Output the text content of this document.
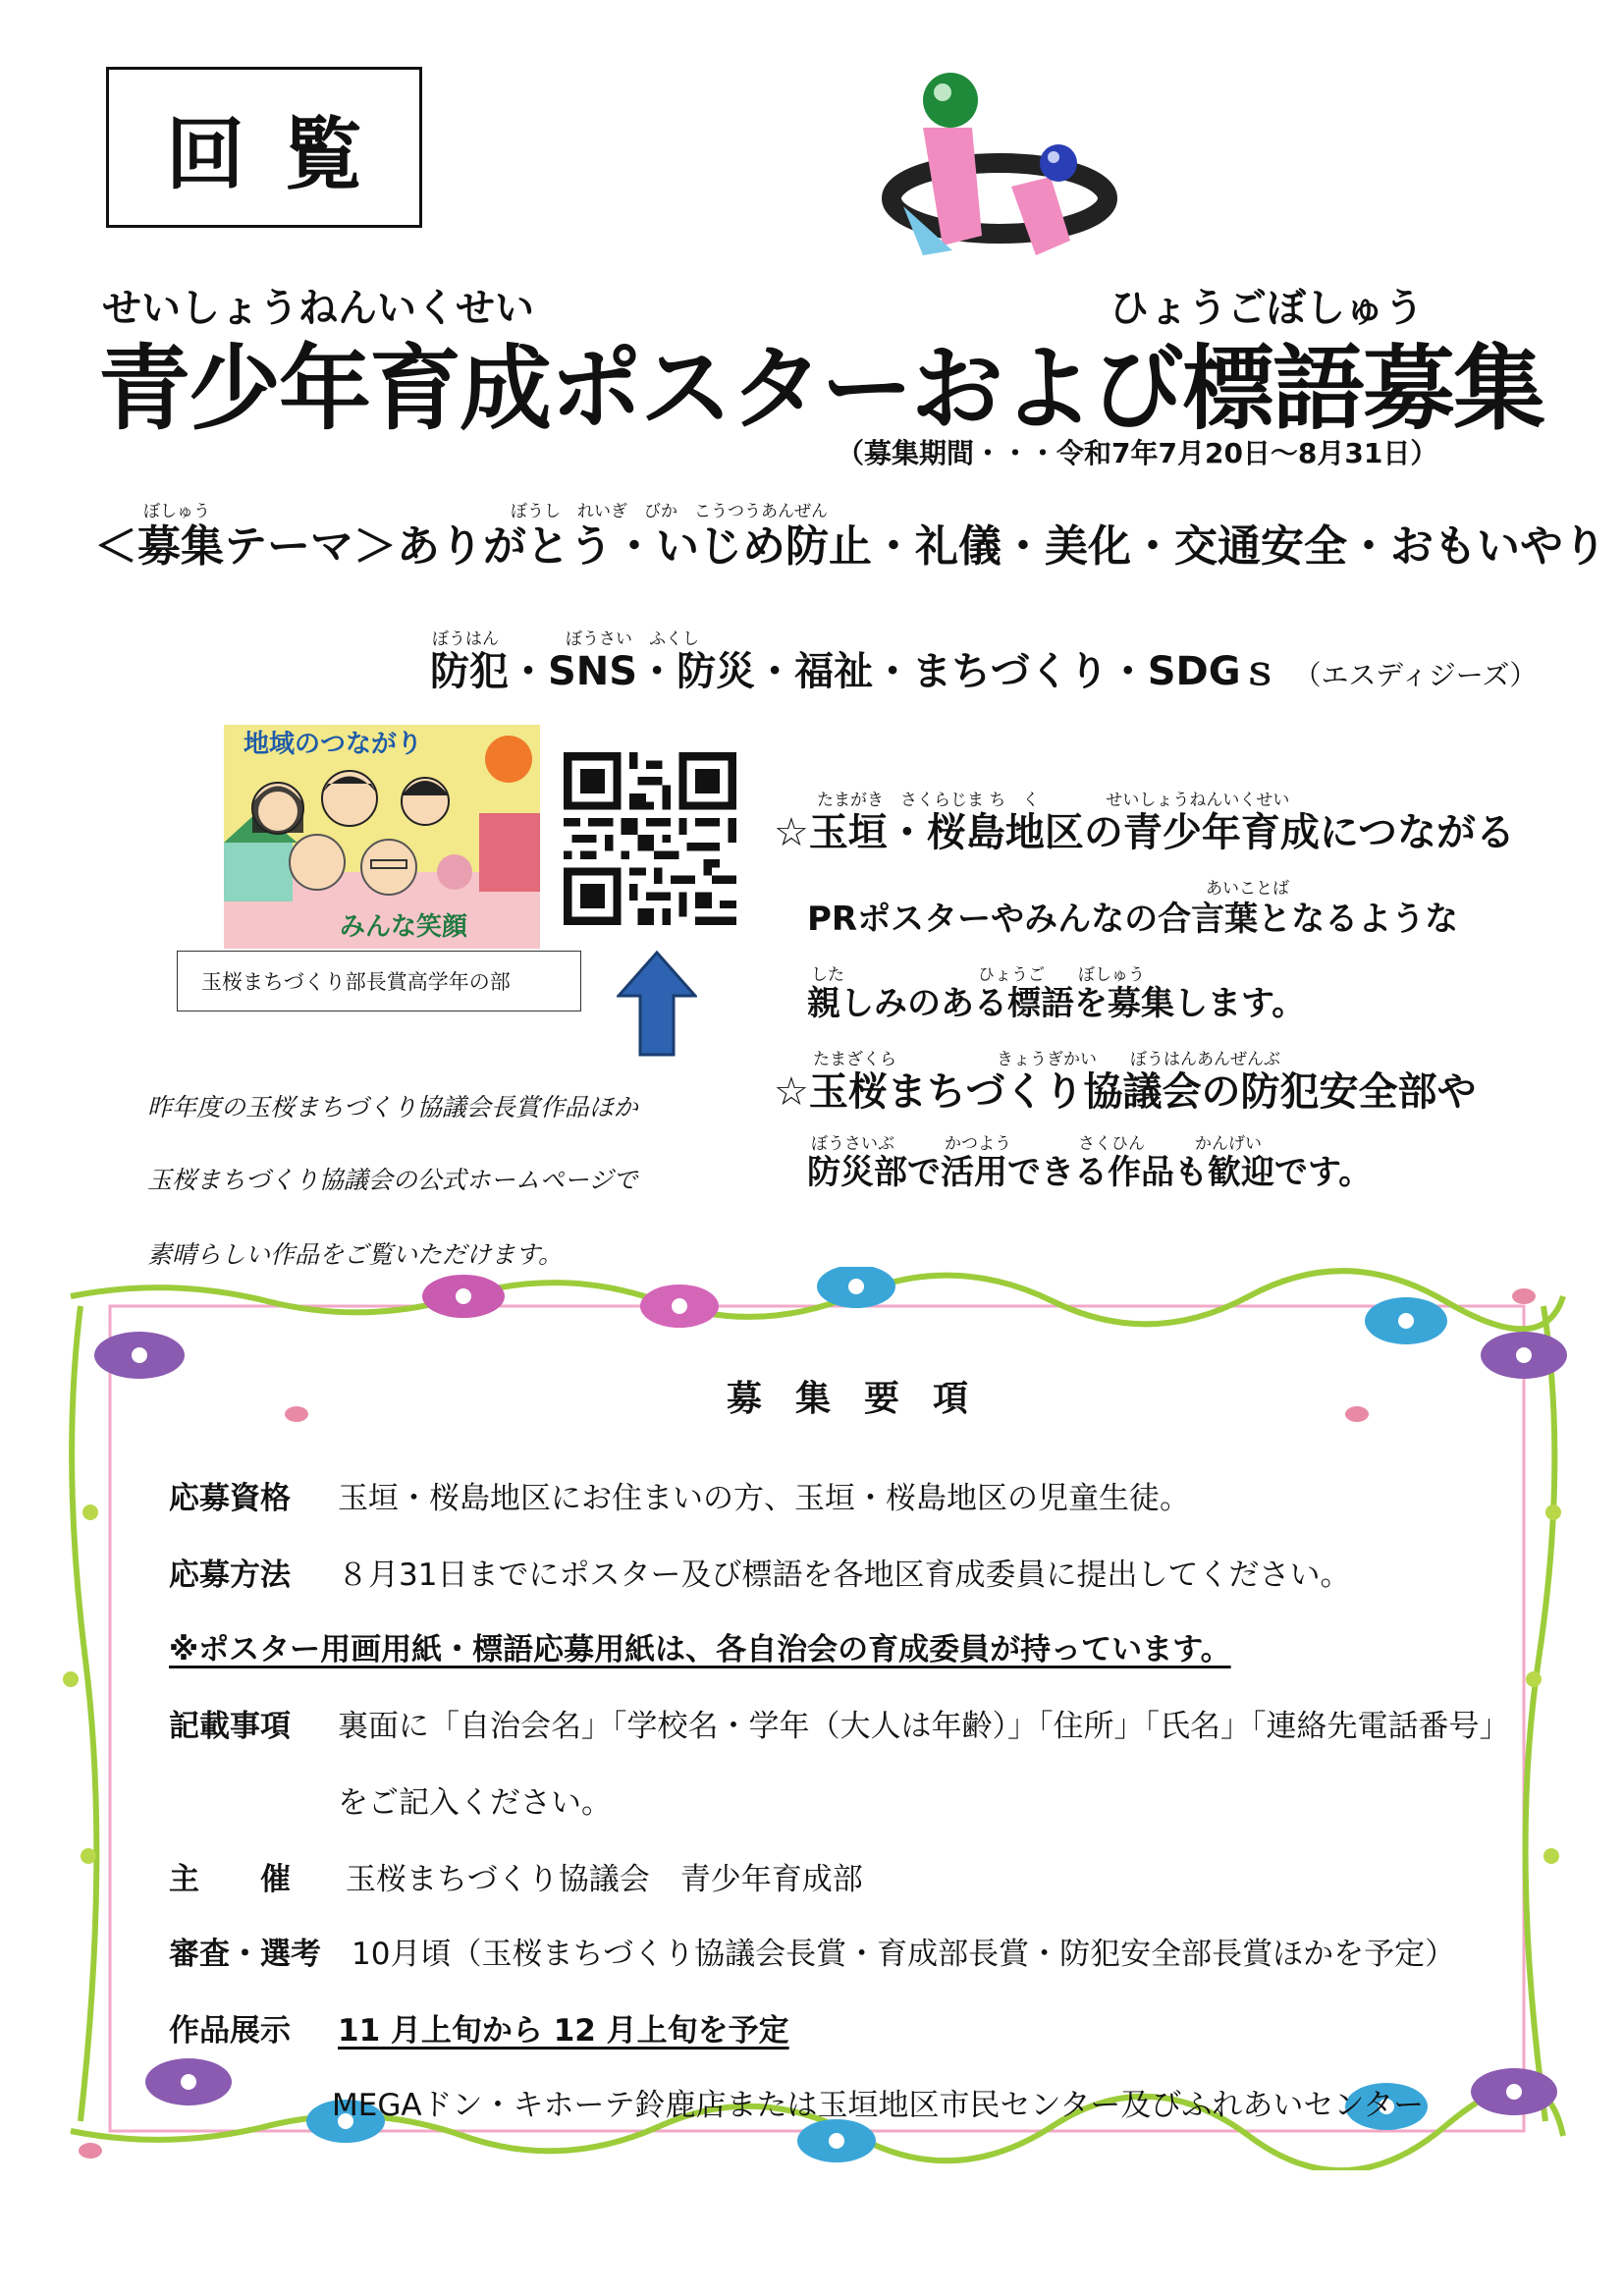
回覧
せいしょうねんいくせい	ひょうごぼしゅう
青少年育成ポスターおよび標語募集
（募集期間・・・令和7年7月20日～8月31日）
ぼしゅう　　　　　　　　　　　　　　　　　　ぼうし　れいぎ　びか　こうつうあんぜん
＜募集テーマ＞ありがとう・いじめ防止・礼儀・美化・交通安全・おもいやり
ぼうはん　　　　ぼうさい　ふくし
防犯・SNS・防災・福祉・まちづくり・SDGｓ （エスディジーズ）
地域のつながり
みんな笑顔
玉桜まちづくり部長賞高学年の部
昨年度の玉桜まちづくり協議会長賞作品ほか
玉桜まちづくり協議会の公式ホームページで
素晴らしい作品をご覧いただけます。
たまがき　さくらじま ち　く　　　　せいしょうねんいくせい
☆玉垣・桜島地区の青少年育成につながる
あいことば
PRポスターやみんなの合言葉となるような
した　　　　　　　　ひょうご　　ぼしゅう
親しみのある標語を募集します。
たまざくら　　　　　　きょうぎかい　　ぼうはんあんぜんぶ
☆玉桜まちづくり協議会の防犯安全部や
ぼうさいぶ　　　かつよう　　　　さくひん　　　かんげい
防災部で活用できる作品も歓迎です。
募集要項
応募資格 玉垣・桜島地区にお住まいの方、玉垣・桜島地区の児童生徒。
応募方法 ８月31日までにポスター及び標語を各地区育成委員に提出してください。
※ポスター用画用紙・標語応募用紙は、各自治会の育成委員が持っています。
記載事項 裏面に「自治会名」「学校名・学年（大人は年齢）」「住所」「氏名」「連絡先電話番号」
をご記入ください。
主　　催 玉桜まちづくり協議会　青少年育成部
審査・選考 10月頃（玉桜まちづくり協議会長賞・育成部長賞・防犯安全部長賞ほかを予定）
作品展示 11 月上旬から 12 月上旬を予定
MEGAドン・キホーテ鈴鹿店または玉垣地区市民センター及びふれあいセンター
